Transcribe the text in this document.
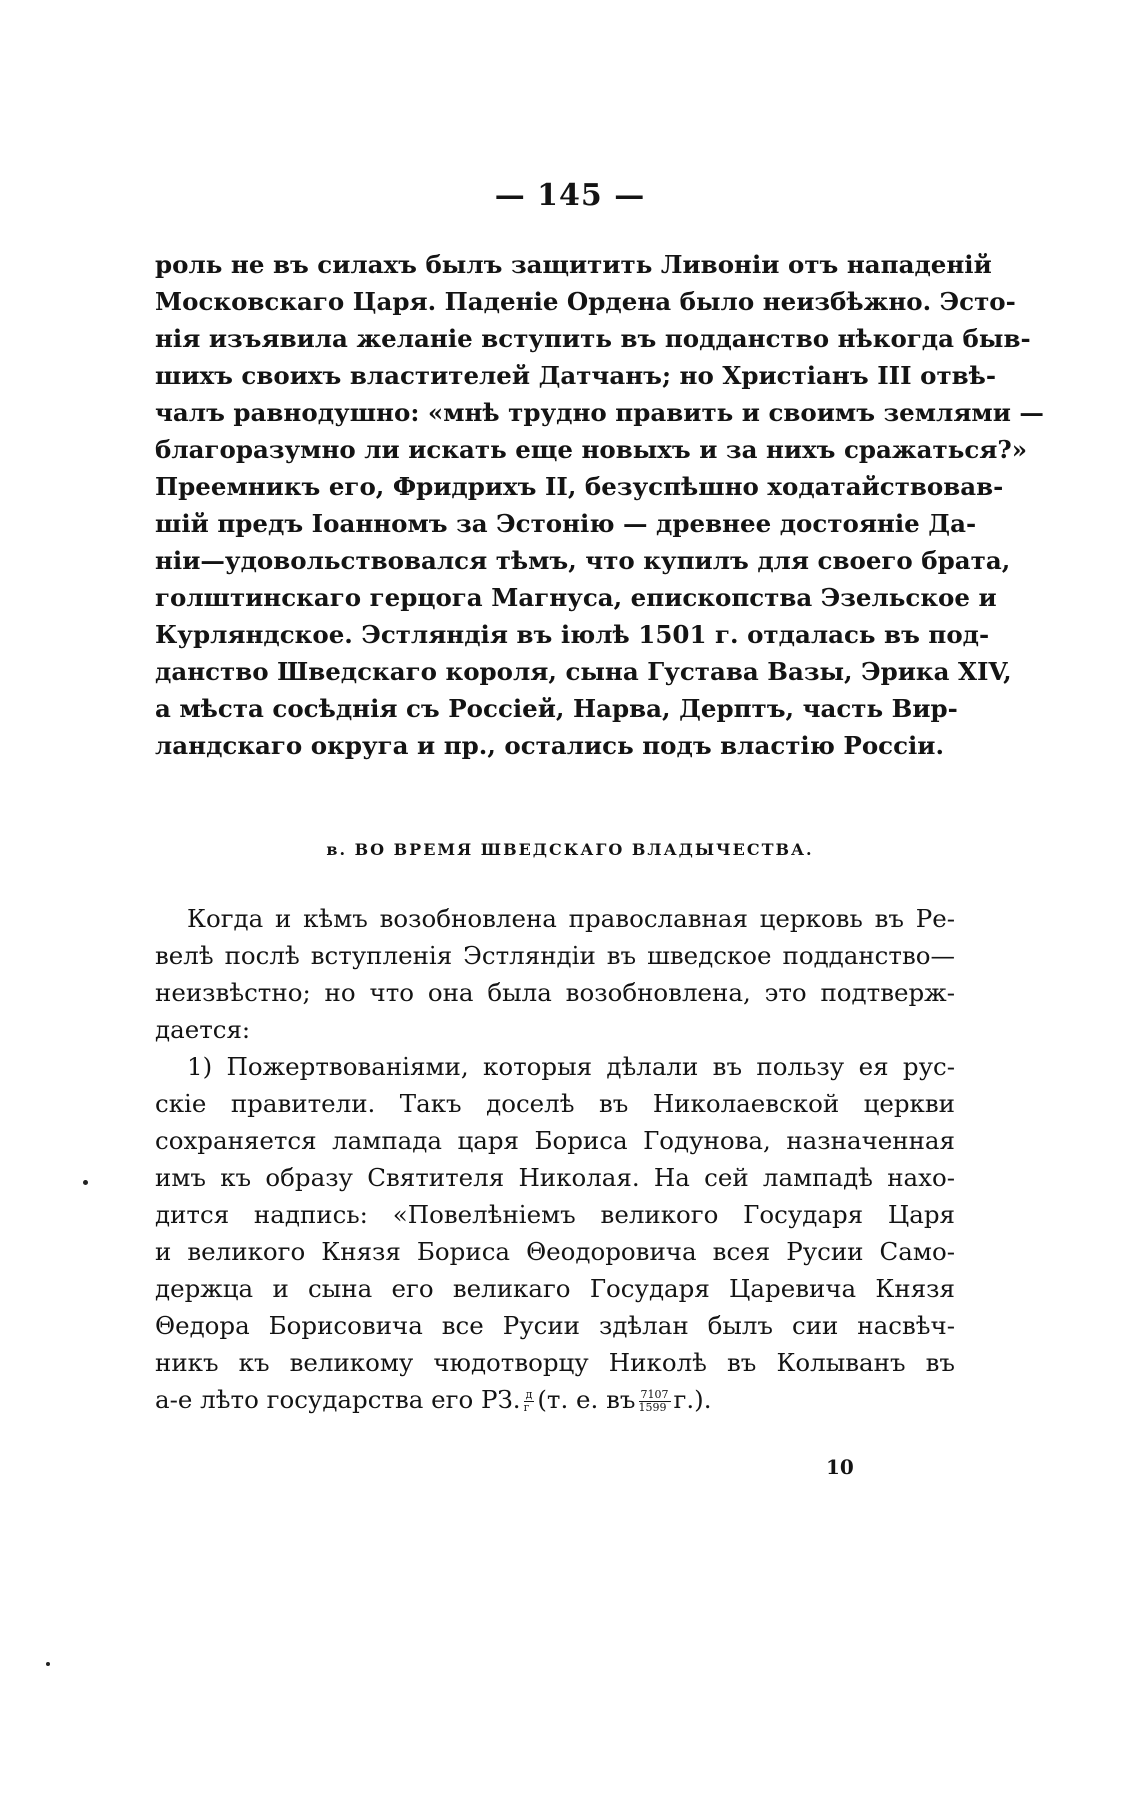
— 145 —
роль не въ силахъ былъ защитить Ливоніи отъ нападеній
Московскаго Царя. Паденіе Ордена было неизбѣжно. Эсто-
нія изъявила желаніе вступить въ подданство нѣкогда быв-
шихъ своихъ властителей Датчанъ; но Христіанъ III отвѣ-
чалъ равнодушно: «мнѣ трудно править и своимъ землями —
благоразумно ли искать еще новыхъ и за нихъ сражаться?»
Преемникъ его, Фридрихъ II, безуспѣшно ходатайствовав-
шій предъ Іоанномъ за Эстонію — древнее достояніе Да-
ніи—удовольствовался тѣмъ, что купилъ для своего брата,
голштинскаго герцога Магнуса, епископства Эзельское и
Курляндское. Эстляндія въ іюлѣ 1501 г. отдалась въ под-
данство Шведскаго короля, сына Густава Вазы, Эрика XIV,
а мѣста сосѣднія съ Россіей, Нарва, Дерптъ, часть Вир-
ландскаго округа и пр., остались подъ властію Россіи.
в. ВО ВРЕМЯ ШВЕДСКАГО ВЛАДЫЧЕСТВА.
Когда и кѣмъ возобновлена православная церковь въ Ре-
велѣ послѣ вступленія Эстляндіи въ шведское подданство—
неизвѣстно; но что она была возобновлена, это подтверж-
дается:
1) Пожертвованіями, которыя дѣлали въ пользу ея рус-
скіе правители. Такъ доселѣ въ Николаевской церкви
сохраняется лампада царя Бориса Годунова, назначенная
имъ къ образу Святителя Николая. На сей лампадѣ нахо-
дится надпись: «Повелѣніемъ великого Государя Царя
и великого Князя Бориса Θеодоровича всея Русии Само-
держца и сына его великаго Государя Царевича Князя
Θедора Борисовича все Русии здѣлан былъ сии насвѣч-
никъ къ великому чюдотворцу Николѣ въ Колыванъ въ
а-е лѣто государства его РЗ. $\frac{д}{г} (т$. е. въ $\frac{7107}{1599} г$.).
10
